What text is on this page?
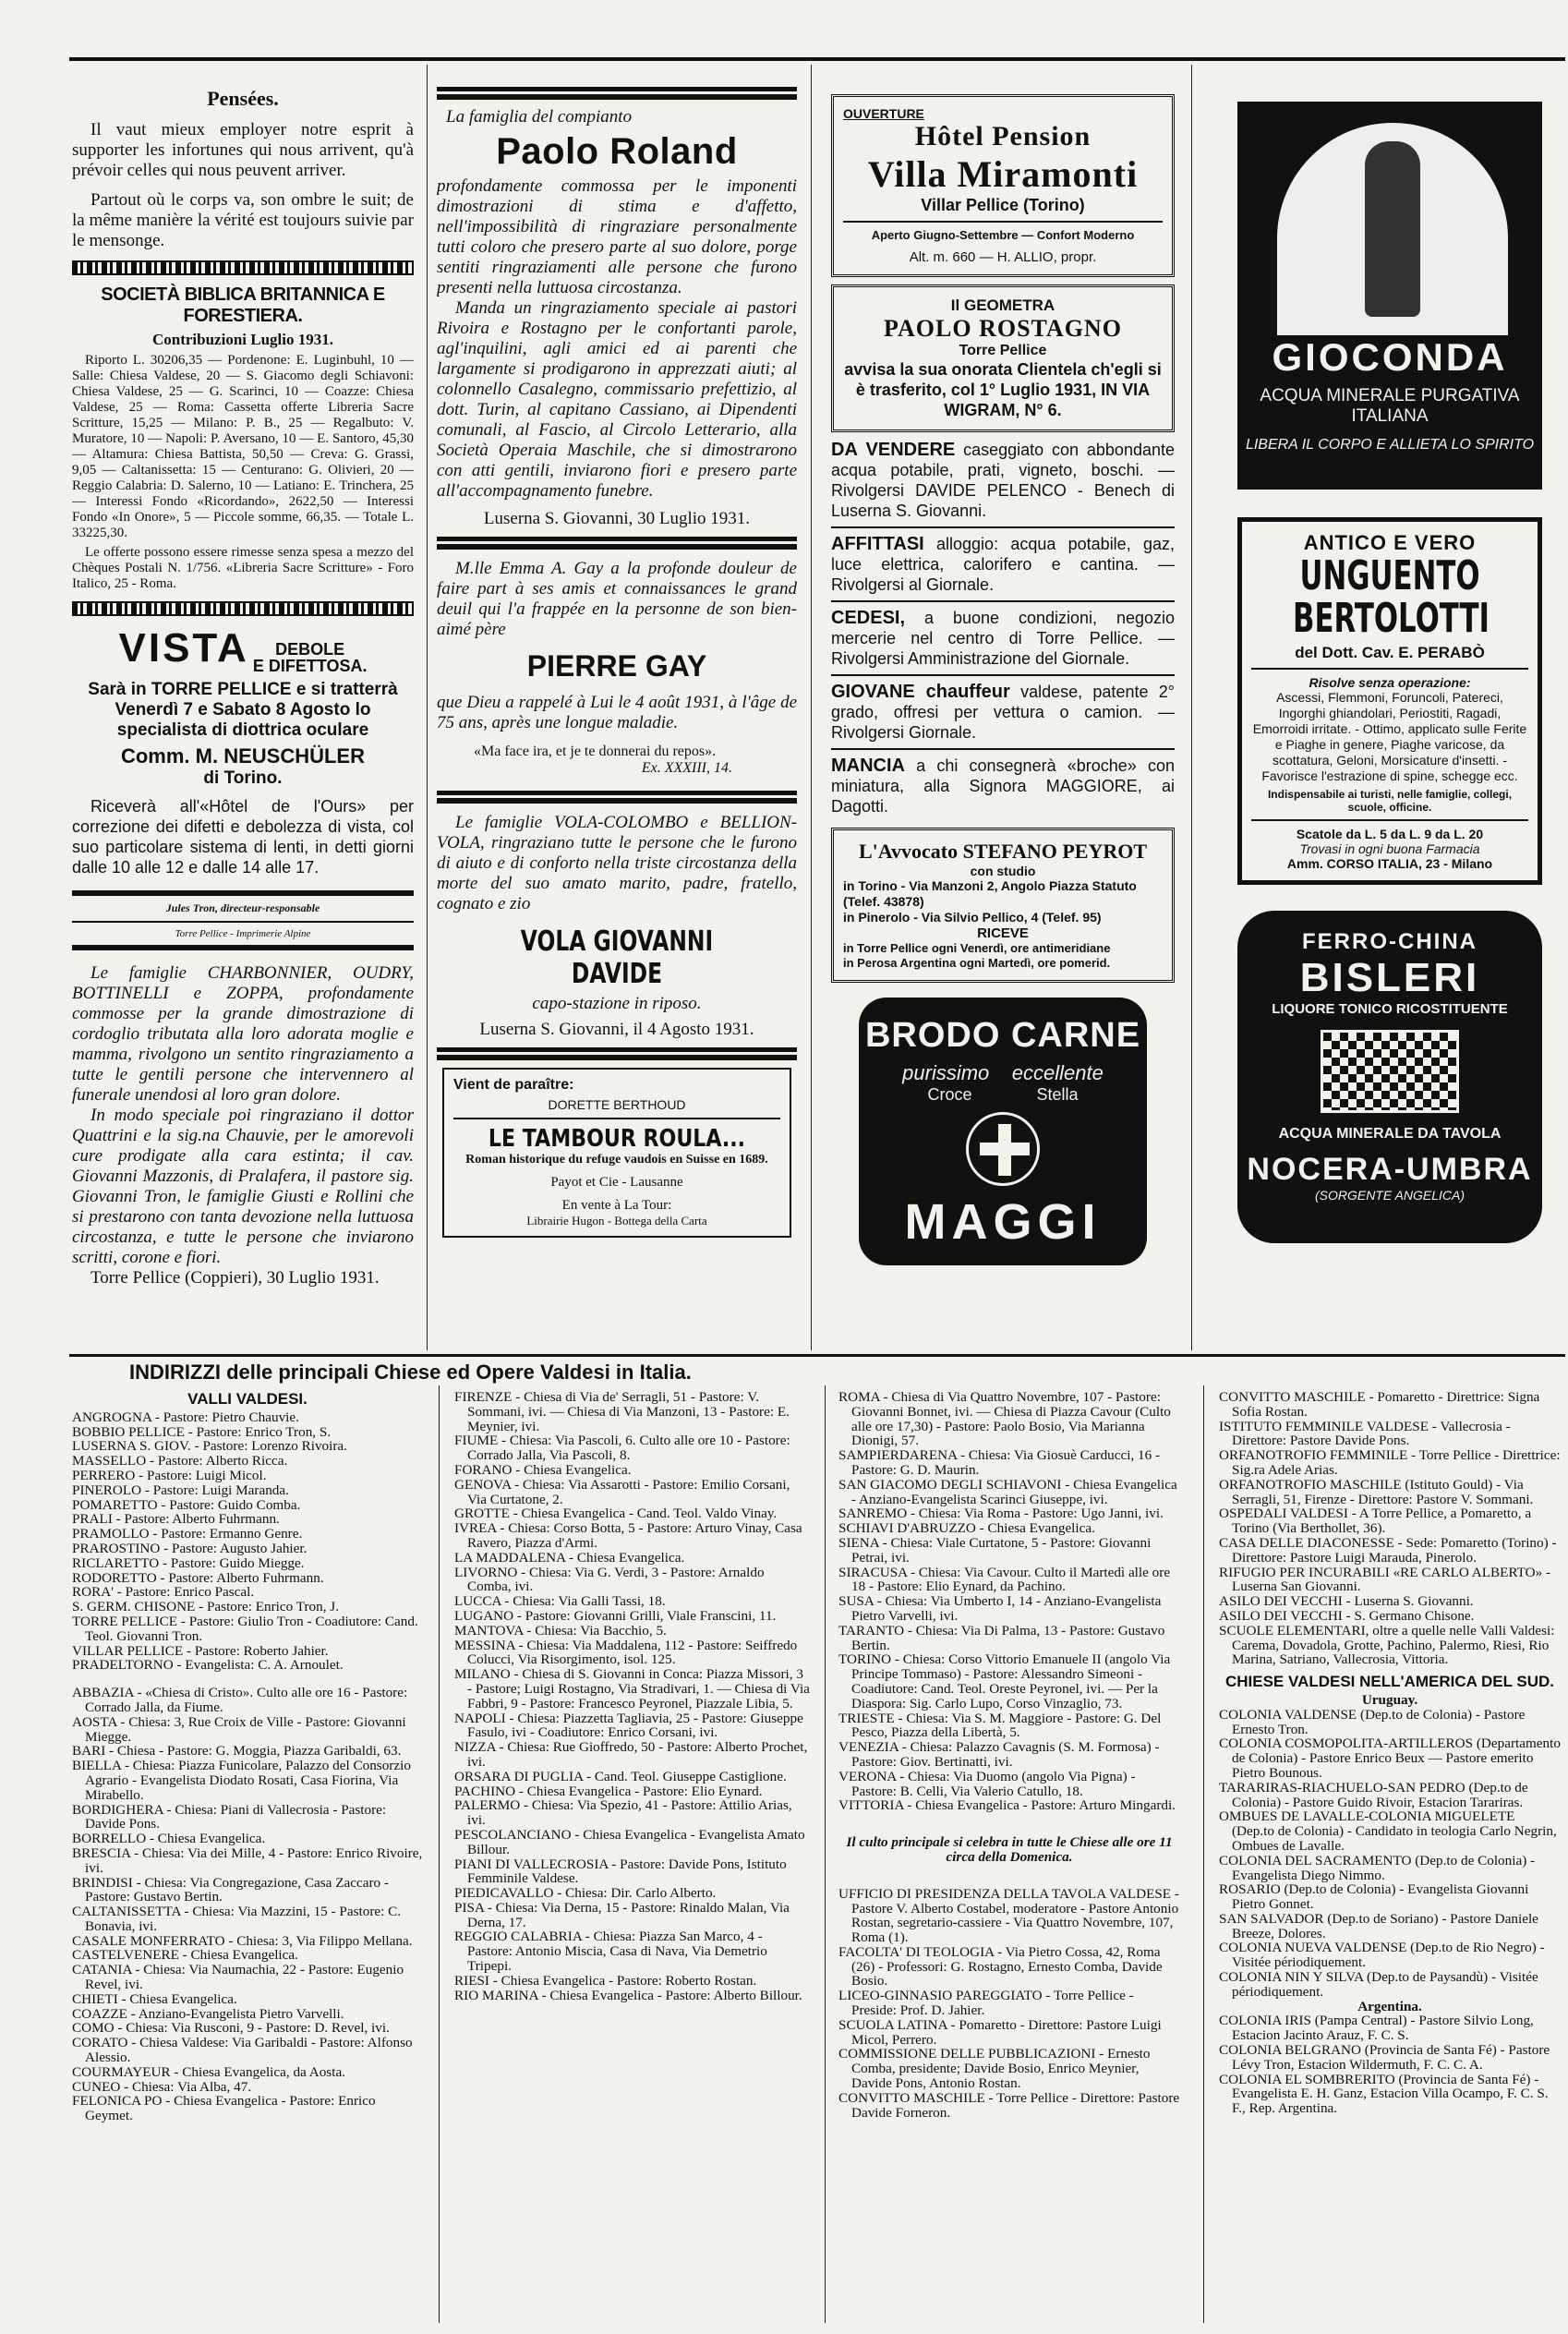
Pensées.

Il vaut mieux employer notre esprit à supporter les infortunes qui nous arrivent, qu'à prévoir celles qui nous peuvent arriver.

Partout où le corps va, son ombre le suit; de la même manière la vérité est toujours suivie par le mensonge.

SOCIETÀ BIBLICA BRITANNICA E FORESTIERA.
Contribuzioni Luglio 1931.

Riporto L. 30206,35 — Pordenone: E. Luginbuhl, 10 — Salle: Chiesa Valdese, 20 — S. Giacomo degli Schiavoni: Chiesa Valdese, 25 — G. Scarinci, 10 — Coazze: Chiesa Valdese, 25 — Roma: Cassetta offerte Libreria Sacre Scritture, 15,25 — Milano: P. B., 25 — Regalbuto: V. Muratore, 10 — Napoli: P. Aversano, 10 — E. Santoro, 45,30 — Altamura: Chiesa Battista, 50,50 — Creva: G. Grassi, 9,05 — Caltanissetta: 15 — Centurano: G. Olivieri, 20 — Reggio Calabria: D. Salerno, 10 — Latiano: E. Trinchera, 25 — Interessi Fondo «Ricordando», 2622,50 — Interessi Fondo «In Onore», 5 — Piccole somme, 66,35. — Totale L. 33225,30.

Le offerte possono essere rimesse senza spesa a mezzo del Chèques Postali N. 1/756. «Libreria Sacre Scritture» - Foro Italico, 25 - Roma.

VISTA DEBOLE
E DIFETTOSA.

Sarà in TORRE PELLICE e si tratterrà Venerdì 7 e Sabato 8 Agosto lo specialista di diottrica oculare

Comm. M. NEUSCHÜLER

di Torino.

Riceverà all'«Hôtel de l'Ours» per correzione dei difetti e debolezza di vista, col suo particolare sistema di lenti, in detti giorni dalle 10 alle 12 e dalle 14 alle 17.

Jules Tron, directeur-responsable

Torre Pellice - Imprimerie Alpine

Le famiglie CHARBONNIER, OUDRY, BOTTINELLI e ZOPPA, profondamente commosse per la grande dimostrazione di cordoglio tributata alla loro adorata moglie e mamma, rivolgono un sentito ringraziamento a tutte le gentili persone che intervennero al funerale unendosi al loro gran dolore.

In modo speciale poi ringraziano il dottor Quattrini e la sig.na Chauvie, per le amorevoli cure prodigate alla cara estinta; il cav. Giovanni Mazzonis, di Pralafera, il pastore sig. Giovanni Tron, le famiglie Giusti e Rollini che si prestarono con tanta devozione nella luttuosa circostanza, e tutte le persone che inviarono scritti, corone e fiori.

Torre Pellice (Coppieri), 30 Luglio 1931.

La famiglia del compianto

Paolo Roland

profondamente commossa per le imponenti dimostrazioni di stima e d'affetto, nell'impossibilità di ringraziare personalmente tutti coloro che presero parte al suo dolore, porge sentiti ringraziamenti alle persone che furono presenti nella luttuosa circostanza.

Manda un ringraziamento speciale ai pastori Rivoira e Rostagno per le confortanti parole, agl'inquilini, agli amici ed ai parenti che largamente si prodigarono in apprezzati aiuti; al colonnello Casalegno, commissario prefettizio, al dott. Turin, al capitano Cassiano, ai Dipendenti comunali, al Fascio, al Circolo Letterario, alla Società Operaia Maschile, che si dimostrarono con atti gentili, inviarono fiori e presero parte all'accompagnamento funebre.

Luserna S. Giovanni, 30 Luglio 1931.

M.lle Emma A. Gay a la profonde douleur de faire part à ses amis et connaissances le grand deuil qui l'a frappée en la personne de son bien-aimé père

PIERRE GAY

que Dieu a rappelé à Lui le 4 août 1931, à l'âge de 75 ans, après une longue maladie.

«Ma face ira, et je te donnerai du repos».

Ex. XXXIII, 14.

Le famiglie VOLA-COLOMBO e BELLION-VOLA, ringraziano tutte le persone che le furono di aiuto e di conforto nella triste circostanza della morte del suo amato marito, padre, fratello, cognato e zio

VOLA GIOVANNI DAVIDE

capo-stazione in riposo.

Luserna S. Giovanni, il 4 Agosto 1931.

Vient de paraître:

DORETTE BERTHOUD

LE TAMBOUR ROULA...

Roman historique du refuge vaudois en Suisse en 1689.

Payot et Cie - Lausanne

En vente à La Tour:

Librairie Hugon - Bottega della Carta

OUVERTURE

Hôtel Pension
Villa Miramonti

Villar Pellice (Torino)

Aperto Giugno-Settembre — Confort Moderno

Alt. m. 660 — H. ALLIO, propr.

Il GEOMETRA

PAOLO ROSTAGNO

Torre Pellice

avvisa la sua onorata Clientela ch'egli si è trasferito, col 1° Luglio 1931, IN VIA WIGRAM, N° 6.

DA VENDERE caseggiato con abbondante acqua potabile, prati, vigneto, boschi. — Rivolgersi DAVIDE PELENCO - Benech di Luserna S. Giovanni.

AFFITTASI alloggio: acqua potabile, gaz, luce elettrica, calorifero e cantina. — Rivolgersi al Giornale.

CEDESI, a buone condizioni, negozio mercerie nel centro di Torre Pellice. — Rivolgersi Amministrazione del Giornale.

GIOVANE chauffeur valdese, patente 2° grado, offresi per vettura o camion. — Rivolgersi Giornale.

MANCIA a chi consegnerà «broche» con miniatura, alla Signora MAGGIORE, ai Dagotti.

L'Avvocato STEFANO PEYROT

con studio

in Torino - Via Manzoni 2, Angolo Piazza Statuto (Telef. 43878)

in Pinerolo - Via Silvio Pellico, 4 (Telef. 95)

RICEVE

in Torre Pellice ogni Venerdì, ore antimeridiane

in Perosa Argentina ogni Martedì, ore pomerid.

BRODO CARNE
purissimo eccellente
Croce	Stella
MAGGI
GIOCONDA
ACQUA MINERALE PURGATIVA ITALIANA
LIBERA IL CORPO E ALLIETA LO SPIRITO
ANTICO E VERO
UNGUENTO
BERTOLOTTI
del Dott. Cav. E. PERABÒ

Risolve senza operazione:

Ascessi, Flemmoni, Foruncoli, Patereci, Ingorghi ghiandolari, Periostiti, Ragadi, Emorroidi irritate. - Ottimo, applicato sulle Ferite e Piaghe in genere, Piaghe varicose, da scottatura, Geloni, Morsicature d'insetti. - Favorisce l'estrazione di spine, schegge ecc.

Indispensabile ai turisti, nelle famiglie, collegi, scuole, officine.

Scatole da L. 5 da L. 9 da L. 20

Trovasi in ogni buona Farmacia

Amm. CORSO ITALIA, 23 - Milano

FERRO-CHINA
BISLERI
LIQUORE TONICO RICOSTITUENTE
ACQUA MINERALE DA TAVOLA
NOCERA-UMBRA
(SORGENTE ANGELICA)
INDIRIZZI delle principali Chiese ed Opere Valdesi in Italia.
VALLI VALDESI.

ANGROGNA - Pastore: Pietro Chauvie.

BOBBIO PELLICE - Pastore: Enrico Tron, S.

LUSERNA S. GIOV. - Pastore: Lorenzo Rivoira.

MASSELLO - Pastore: Alberto Ricca.

PERRERO - Pastore: Luigi Micol.

PINEROLO - Pastore: Luigi Maranda.

POMARETTO - Pastore: Guido Comba.

PRALI - Pastore: Alberto Fuhrmann.

PRAMOLLO - Pastore: Ermanno Genre.

PRAROSTINO - Pastore: Augusto Jahier.

RICLARETTO - Pastore: Guido Miegge.

RODORETTO - Pastore: Alberto Fuhrmann.

RORA' - Pastore: Enrico Pascal.

S. GERM. CHISONE - Pastore: Enrico Tron, J.

TORRE PELLICE - Pastore: Giulio Tron - Coadiutore: Cand. Teol. Giovanni Tron.

VILLAR PELLICE - Pastore: Roberto Jahier.

PRADELTORNO - Evangelista: C. A. Arnoulet.

ABBAZIA - «Chiesa di Cristo». Culto alle ore 16 - Pastore: Corrado Jalla, da Fiume.

AOSTA - Chiesa: 3, Rue Croix de Ville - Pastore: Giovanni Miegge.

BARI - Chiesa - Pastore: G. Moggia, Piazza Garibaldi, 63.

BIELLA - Chiesa: Piazza Funicolare, Palazzo del Consorzio Agrario - Evangelista Diodato Rosati, Casa Fiorina, Via Mirabello.

BORDIGHERA - Chiesa: Piani di Vallecrosia - Pastore: Davide Pons.

BORRELLO - Chiesa Evangelica.

BRESCIA - Chiesa: Via dei Mille, 4 - Pastore: Enrico Rivoire, ivi.

BRINDISI - Chiesa: Via Congregazione, Casa Zaccaro - Pastore: Gustavo Bertin.

CALTANISSETTA - Chiesa: Via Mazzini, 15 - Pastore: C. Bonavia, ivi.

CASALE MONFERRATO - Chiesa: 3, Via Filippo Mellana.

CASTELVENERE - Chiesa Evangelica.

CATANIA - Chiesa: Via Naumachia, 22 - Pastore: Eugenio Revel, ivi.

CHIETI - Chiesa Evangelica.

COAZZE - Anziano-Evangelista Pietro Varvelli.

COMO - Chiesa: Via Rusconi, 9 - Pastore: D. Revel, ivi.

CORATO - Chiesa Valdese: Via Garibaldi - Pastore: Alfonso Alessio.

COURMAYEUR - Chiesa Evangelica, da Aosta.

CUNEO - Chiesa: Via Alba, 47.

FELONICA PO - Chiesa Evangelica - Pastore: Enrico Geymet.

FIRENZE - Chiesa di Via de' Serragli, 51 - Pastore: V. Sommani, ivi. — Chiesa di Via Manzoni, 13 - Pastore: E. Meynier, ivi.

FIUME - Chiesa: Via Pascoli, 6. Culto alle ore 10 - Pastore: Corrado Jalla, Via Pascoli, 8.

FORANO - Chiesa Evangelica.

GENOVA - Chiesa: Via Assarotti - Pastore: Emilio Corsani, Via Curtatone, 2.

GROTTE - Chiesa Evangelica - Cand. Teol. Valdo Vinay.

IVREA - Chiesa: Corso Botta, 5 - Pastore: Arturo Vinay, Casa Ravero, Piazza d'Armi.

LA MADDALENA - Chiesa Evangelica.

LIVORNO - Chiesa: Via G. Verdi, 3 - Pastore: Arnaldo Comba, ivi.

LUCCA - Chiesa: Via Galli Tassi, 18.

LUGANO - Pastore: Giovanni Grilli, Viale Franscini, 11.

MANTOVA - Chiesa: Via Bacchio, 5.

MESSINA - Chiesa: Via Maddalena, 112 - Pastore: Seiffredo Colucci, Via Risorgimento, isol. 125.

MILANO - Chiesa di S. Giovanni in Conca: Piazza Missori, 3 - Pastore; Luigi Rostagno, Via Stradivari, 1. — Chiesa di Via Fabbri, 9 - Pastore: Francesco Peyronel, Piazzale Libia, 5.

NAPOLI - Chiesa: Piazzetta Tagliavia, 25 - Pastore: Giuseppe Fasulo, ivi - Coadiutore: Enrico Corsani, ivi.

NIZZA - Chiesa: Rue Gioffredo, 50 - Pastore: Alberto Prochet, ivi.

ORSARA DI PUGLIA - Cand. Teol. Giuseppe Castiglione.

PACHINO - Chiesa Evangelica - Pastore: Elio Eynard.

PALERMO - Chiesa: Via Spezio, 41 - Pastore: Attilio Arias, ivi.

PESCOLANCIANO - Chiesa Evangelica - Evangelista Amato Billour.

PIANI DI VALLECROSIA - Pastore: Davide Pons, Istituto Femminile Valdese.

PIEDICAVALLO - Chiesa: Dir. Carlo Alberto.

PISA - Chiesa: Via Derna, 15 - Pastore: Rinaldo Malan, Via Derna, 17.

REGGIO CALABRIA - Chiesa: Piazza San Marco, 4 - Pastore: Antonio Miscia, Casa di Nava, Via Demetrio Tripepi.

RIESI - Chiesa Evangelica - Pastore: Roberto Rostan.

RIO MARINA - Chiesa Evangelica - Pastore: Alberto Billour.

ROMA - Chiesa di Via Quattro Novembre, 107 - Pastore: Giovanni Bonnet, ivi. — Chiesa di Piazza Cavour (Culto alle ore 17,30) - Pastore: Paolo Bosio, Via Marianna Dionigi, 57.

SAMPIERDARENA - Chiesa: Via Giosuè Carducci, 16 - Pastore: G. D. Maurin.

SAN GIACOMO DEGLI SCHIAVONI - Chiesa Evangelica - Anziano-Evangelista Scarinci Giuseppe, ivi.

SANREMO - Chiesa: Via Roma - Pastore: Ugo Janni, ivi.

SCHIAVI D'ABRUZZO - Chiesa Evangelica.

SIENA - Chiesa: Viale Curtatone, 5 - Pastore: Giovanni Petrai, ivi.

SIRACUSA - Chiesa: Via Cavour. Culto il Martedì alle ore 18 - Pastore: Elio Eynard, da Pachino.

SUSA - Chiesa: Via Umberto I, 14 - Anziano-Evangelista Pietro Varvelli, ivi.

TARANTO - Chiesa: Via Di Palma, 13 - Pastore: Gustavo Bertin.

TORINO - Chiesa: Corso Vittorio Emanuele II (angolo Via Principe Tommaso) - Pastore: Alessandro Simeoni - Coadiutore: Cand. Teol. Oreste Peyronel, ivi. — Per la Diaspora: Sig. Carlo Lupo, Corso Vinzaglio, 73.

TRIESTE - Chiesa: Via S. M. Maggiore - Pastore: G. Del Pesco, Piazza della Libertà, 5.

VENEZIA - Chiesa: Palazzo Cavagnis (S. M. Formosa) - Pastore: Giov. Bertinatti, ivi.

VERONA - Chiesa: Via Duomo (angolo Via Pigna) - Pastore: B. Celli, Via Valerio Catullo, 18.

VITTORIA - Chiesa Evangelica - Pastore: Arturo Mingardi.

Il culto principale si celebra in tutte le Chiese alle ore 11 circa della Domenica.

UFFICIO DI PRESIDENZA DELLA TAVOLA VALDESE - Pastore V. Alberto Costabel, moderatore - Pastore Antonio Rostan, segretario-cassiere - Via Quattro Novembre, 107, Roma (1).

FACOLTA' DI TEOLOGIA - Via Pietro Cossa, 42, Roma (26) - Professori: G. Rostagno, Ernesto Comba, Davide Bosio.

LICEO-GINNASIO PAREGGIATO - Torre Pellice - Preside: Prof. D. Jahier.

SCUOLA LATINA - Pomaretto - Direttore: Pastore Luigi Micol, Perrero.

COMMISSIONE DELLE PUBBLICAZIONI - Ernesto Comba, presidente; Davide Bosio, Enrico Meynier, Davide Pons, Antonio Rostan.

CONVITTO MASCHILE - Torre Pellice - Direttore: Pastore Davide Forneron.

CONVITTO MASCHILE - Pomaretto - Direttrice: Signa Sofia Rostan.

ISTITUTO FEMMINILE VALDESE - Vallecrosia - Direttore: Pastore Davide Pons.

ORFANOTROFIO FEMMINILE - Torre Pellice - Direttrice: Sig.ra Adele Arias.

ORFANOTROFIO MASCHILE (Istituto Gould) - Via Serragli, 51, Firenze - Direttore: Pastore V. Sommani.

OSPEDALI VALDESI - A Torre Pellice, a Pomaretto, a Torino (Via Berthollet, 36).

CASA DELLE DIACONESSE - Sede: Pomaretto (Torino) - Direttore: Pastore Luigi Marauda, Pinerolo.

RIFUGIO PER INCURABILI «RE CARLO ALBERTO» - Luserna San Giovanni.

ASILO DEI VECCHI - Luserna S. Giovanni.

ASILO DEI VECCHI - S. Germano Chisone.

SCUOLE ELEMENTARI, oltre a quelle nelle Valli Valdesi: Carema, Dovadola, Grotte, Pachino, Palermo, Riesi, Rio Marina, Satriano, Vallecrosia, Vittoria.

CHIESE VALDESI NELL'AMERICA DEL SUD.
Uruguay.

COLONIA VALDENSE (Dep.to de Colonia) - Pastore Ernesto Tron.

COLONIA COSMOPOLITA-ARTILLEROS (Departamento de Colonia) - Pastore Enrico Beux — Pastore emerito Pietro Bounous.

TARARIRAS-RIACHUELO-SAN PEDRO (Dep.to de Colonia) - Pastore Guido Rivoir, Estacion Tarariras.

OMBUES DE LAVALLE-COLONIA MIGUELETE (Dep.to de Colonia) - Candidato in teologia Carlo Negrin, Ombues de Lavalle.

COLONIA DEL SACRAMENTO (Dep.to de Colonia) - Evangelista Diego Nimmo.

ROSARIO (Dep.to de Colonia) - Evangelista Giovanni Pietro Gonnet.

SAN SALVADOR (Dep.to de Soriano) - Pastore Daniele Breeze, Dolores.

COLONIA NUEVA VALDENSE (Dep.to de Rio Negro) - Visitée périodiquement.

COLONIA NIN Y SILVA (Dep.to de Paysandù) - Visitée périodiquement.

Argentina.

COLONIA IRIS (Pampa Central) - Pastore Silvio Long, Estacion Jacinto Arauz, F. C. S.

COLONIA BELGRANO (Provincia de Santa Fé) - Pastore Lévy Tron, Estacion Wildermuth, F. C. C. A.

COLONIA EL SOMBRERITO (Provincia de Santa Fé) - Evangelista E. H. Ganz, Estacion Villa Ocampo, F. C. S. F., Rep. Argentina.
